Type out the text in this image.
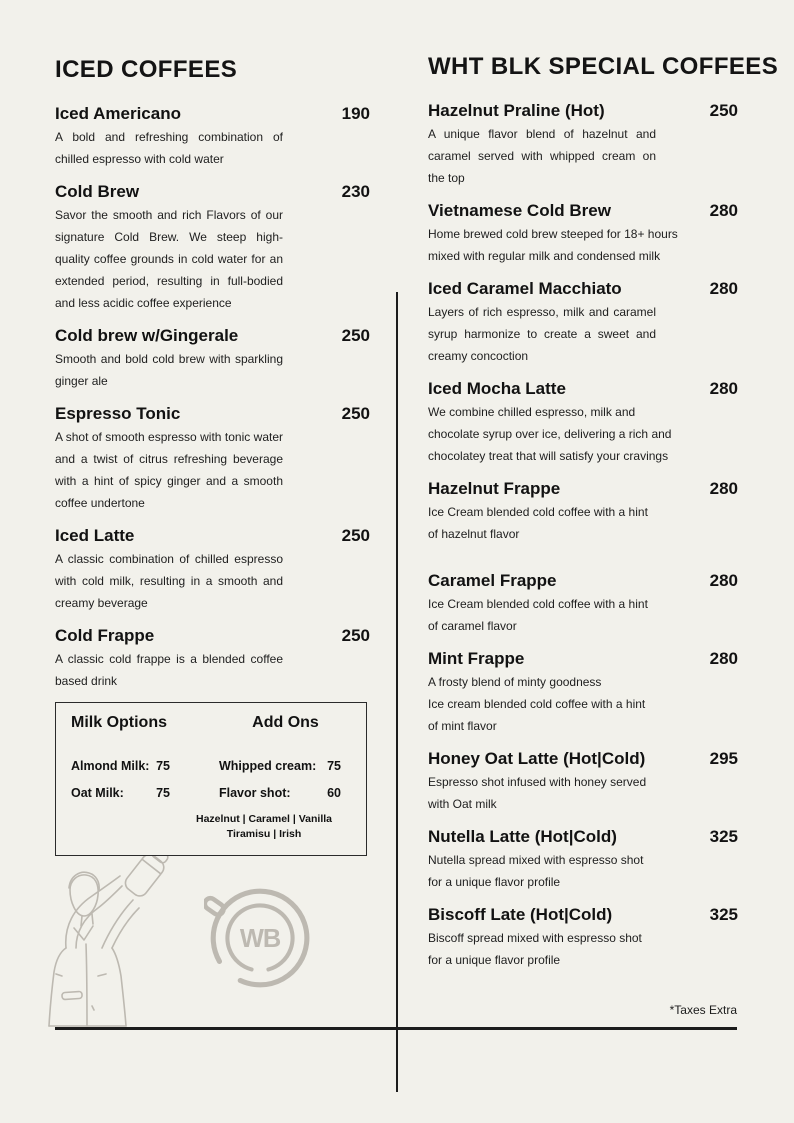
ICED COFFEES
Iced Americano	190
A bold and refreshing combination of
chilled espresso with cold water
Cold Brew	230
Savor the smooth and rich Flavors of our
signature Cold Brew. We steep high-
quality coffee grounds in cold water for an
extended period, resulting in full-bodied
and less acidic coffee experience
Cold brew w/Gingerale	250
Smooth and bold cold brew with sparkling
ginger ale
Espresso Tonic	250
A shot of smooth espresso with tonic water
and a twist of citrus refreshing beverage
with a hint of spicy ginger and a smooth
coffee undertone
Iced Latte	250
A classic combination of chilled espresso
with cold milk, resulting in a smooth and
creamy beverage
Cold Frappe	250
A classic cold frappe is a blended coffee
based drink
Milk Options	Add Ons
Almond Milk: 75	Whipped cream: 75
Oat Milk:	75	Flavor shot:	60
Hazelnut | Caramel | Vanilla
Tiramisu | Irish
WHT BLK SPECIAL COFFEES
Hazelnut Praline (Hot)	250
A unique flavor blend of hazelnut and
caramel served with whipped cream on
the top
Vietnamese Cold Brew	280
Home brewed cold brew steeped for 18+ hours
mixed with regular milk and condensed milk
Iced Caramel Macchiato	280
Layers of rich espresso, milk and caramel
syrup harmonize to create a sweet and
creamy concoction
Iced Mocha Latte	280
We combine chilled espresso, milk and
chocolate syrup over ice, delivering a rich and
chocolatey treat that will satisfy your cravings
Hazelnut Frappe	280
Ice Cream blended cold coffee with a hint
of hazelnut flavor
Caramel Frappe	280
Ice Cream blended cold coffee with a hint
of caramel flavor
Mint Frappe	280
A frosty blend of minty goodness
Ice cream blended cold coffee with a hint
of mint flavor
Honey Oat Latte (Hot|Cold)	295
Espresso shot infused with honey served
with Oat milk
Nutella Latte (Hot|Cold)	325
Nutella spread mixed with espresso shot
for a unique flavor profile
Biscoff Late (Hot|Cold)	325
Biscoff spread mixed with espresso shot
for a unique flavor profile
WB
*Taxes Extra
